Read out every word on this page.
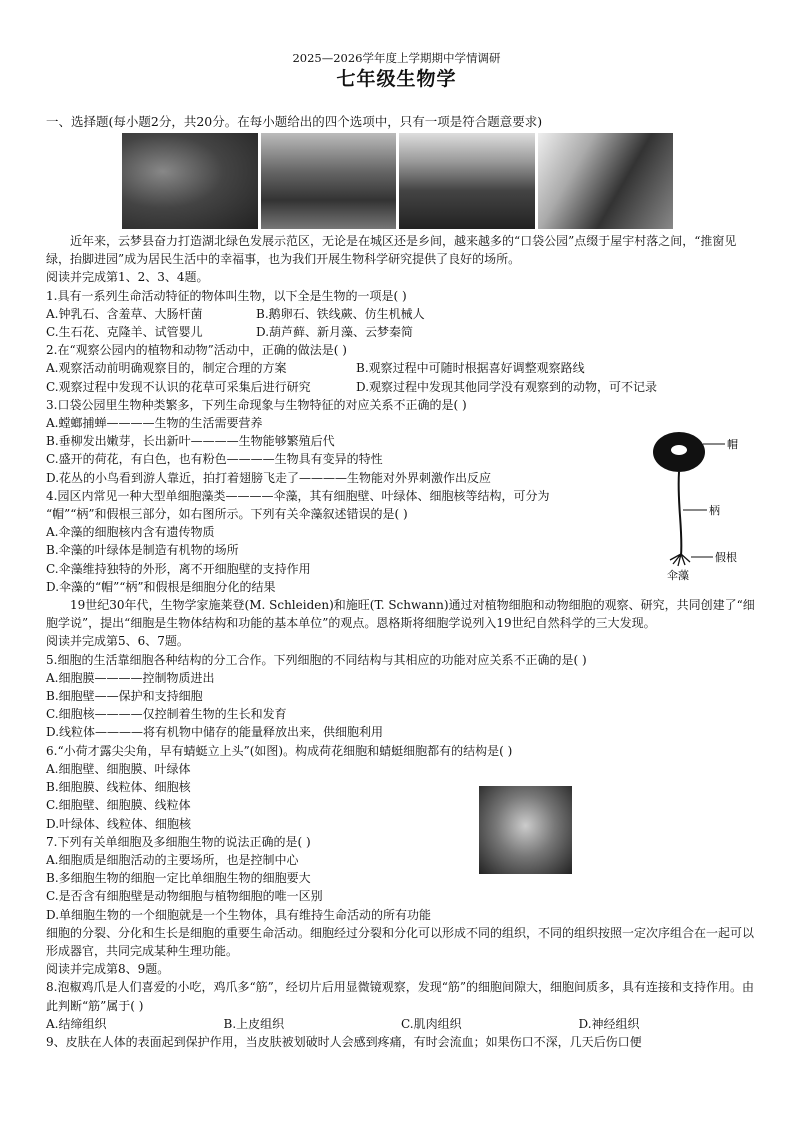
2025—2026学年度上学期期中学情调研
七年级生物学
一、选择题(每小题2分，共20分。在每小题给出的四个选项中，只有一项是符合题意要求)

近年来，云梦县奋力打造湖北绿色发展示范区，无论是在城区还是乡间，越来越多的“口袋公园”点缀于屋宇村落之间，“推窗见绿，抬脚进园”成为居民生活中的幸福事，也为我们开展生物科学研究提供了良好的场所。

阅读并完成第1、2、3、4题。

1.具有一系列生命活动特征的物体叫生物，以下全是生物的一项是( )

A.钟乳石、含羞草、大肠杆菌	B.鹅卵石、铁线蕨、仿生机械人

C.生石花、克隆羊、试管婴儿	D.葫芦藓、新月藻、云梦秦简

2.在“观察公园内的植物和动物”活动中，正确的做法是( )

A.观察活动前明确观察目的，制定合理的方案	B.观察过程中可随时根据喜好调整观察路线

C.观察过程中发现不认识的花草可采集后进行研究	D.观察过程中发现其他同学没有观察到的动物，可不记录

3.口袋公园里生物种类繁多，下列生命现象与生物特征的对应关系不正确的是( )

A.螳螂捕蝉————生物的生活需要营养

B.垂柳发出嫩芽，长出新叶————生物能够繁殖后代

C.盛开的荷花，有白色，也有粉色————生物具有变异的特性

D.花丛的小鸟看到游人靠近，拍打着翅膀飞走了————生物能对外界刺激作出反应

4.园区内常见一种大型单细胞藻类————伞藻，其有细胞壁、叶绿体、细胞核等结构，可分为

“帽”“柄”和假根三部分，如右图所示。下列有关伞藻叙述错误的是( )

A.伞藻的细胞核内含有遗传物质

B.伞藻的叶绿体是制造有机物的场所

C.伞藻维持独特的外形，离不开细胞壁的支持作用

D.伞藻的“帽”“柄”和假根是细胞分化的结果

19世纪30年代，生物学家施莱登(M. Schleiden)和施旺(T. Schwann)通过对植物细胞和动物细胞的观察、研究，共同创建了“细胞学说”，提出“细胞是生物体结构和功能的基本单位”的观点。恩格斯将细胞学说列入19世纪自然科学的三大发现。

阅读并完成第5、6、7题。

5.细胞的生活靠细胞各种结构的分工合作。下列细胞的不同结构与其相应的功能对应关系不正确的是( )

A.细胞膜————控制物质进出

B.细胞壁——保护和支持细胞

C.细胞核————仅控制着生物的生长和发育

D.线粒体————将有机物中储存的能量释放出来，供细胞利用

6.“小荷才露尖尖角，早有蜻蜓立上头”(如图)。构成荷花细胞和蜻蜓细胞都有的结构是( )

A.细胞壁、细胞膜、叶绿体

B.细胞膜、线粒体、细胞核

C.细胞壁、细胞膜、线粒体

D.叶绿体、线粒体、细胞核

7.下列有关单细胞及多细胞生物的说法正确的是( )

A.细胞质是细胞活动的主要场所，也是控制中心

B.多细胞生物的细胞一定比单细胞生物的细胞要大

C.是否含有细胞壁是动物细胞与植物细胞的唯一区别

D.单细胞生物的一个细胞就是一个生物体，具有维持生命活动的所有功能

细胞的分裂、分化和生长是细胞的重要生命活动。细胞经过分裂和分化可以形成不同的组织，不同的组织按照一定次序组合在一起可以形成器官，共同完成某种生理功能。

阅读并完成第8、9题。

8.泡椒鸡爪是人们喜爱的小吃，鸡爪多“筋”，经切片后用显微镜观察，发现“筋”的细胞间隙大，细胞间质多，具有连接和支持作用。由此判断“筋”属于( )

A.结缔组织	B.上皮组织	C.肌肉组织	D.神经组织

9、皮肤在人体的表面起到保护作用，当皮肤被划破时人会感到疼痛，有时会流血；如果伤口不深，几天后伤口便

帽
柄
假根
伞藻
